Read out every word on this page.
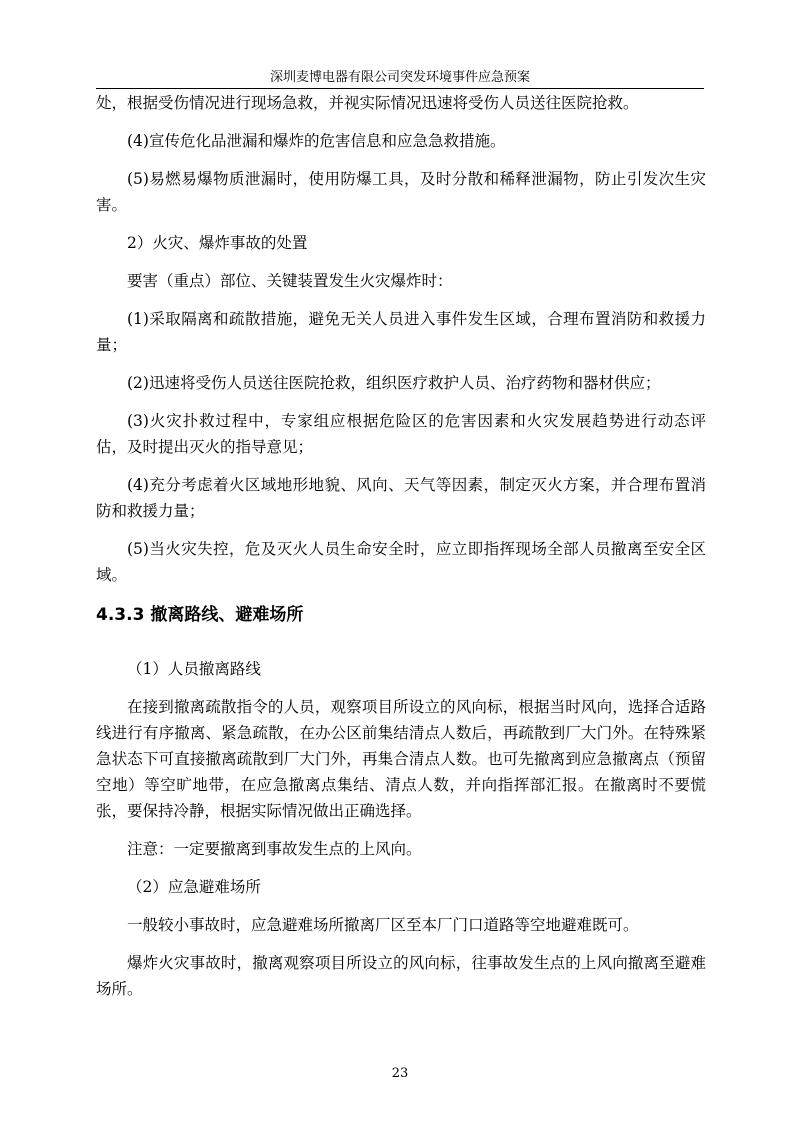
深圳麦博电器有限公司突发环境事件应急预案

处，根据受伤情况进行现场急救，并视实际情况迅速将受伤人员送往医院抢救。

(4)宣传危化品泄漏和爆炸的危害信息和应急急救措施。

(5)易燃易爆物质泄漏时，使用防爆工具，及时分散和稀释泄漏物，防止引发次生灾害。

2）火灾、爆炸事故的处置

要害（重点）部位、关键装置发生火灾爆炸时：

(1)采取隔离和疏散措施，避免无关人员进入事件发生区域，合理布置消防和救援力量；

(2)迅速将受伤人员送往医院抢救，组织医疗救护人员、治疗药物和器材供应；

(3)火灾扑救过程中，专家组应根据危险区的危害因素和火灾发展趋势进行动态评估，及时提出灭火的指导意见；

(4)充分考虑着火区域地形地貌、风向、天气等因素，制定灭火方案，并合理布置消防和救援力量；

(5)当火灾失控，危及灭火人员生命安全时，应立即指挥现场全部人员撤离至安全区域。

4.3.3 撤离路线、避难场所

（1）人员撤离路线

在接到撤离疏散指令的人员，观察项目所设立的风向标，根据当时风向，选择合适路线进行有序撤离、紧急疏散，在办公区前集结清点人数后，再疏散到厂大门外。在特殊紧急状态下可直接撤离疏散到厂大门外，再集合清点人数。也可先撤离到应急撤离点（预留空地）等空旷地带，在应急撤离点集结、清点人数，并向指挥部汇报。在撤离时不要慌张，要保持冷静，根据实际情况做出正确选择。

注意：一定要撤离到事故发生点的上风向。

（2）应急避难场所

一般较小事故时，应急避难场所撤离厂区至本厂门口道路等空地避难既可。

爆炸火灾事故时，撤离观察项目所设立的风向标，往事故发生点的上风向撤离至避难场所。

23
